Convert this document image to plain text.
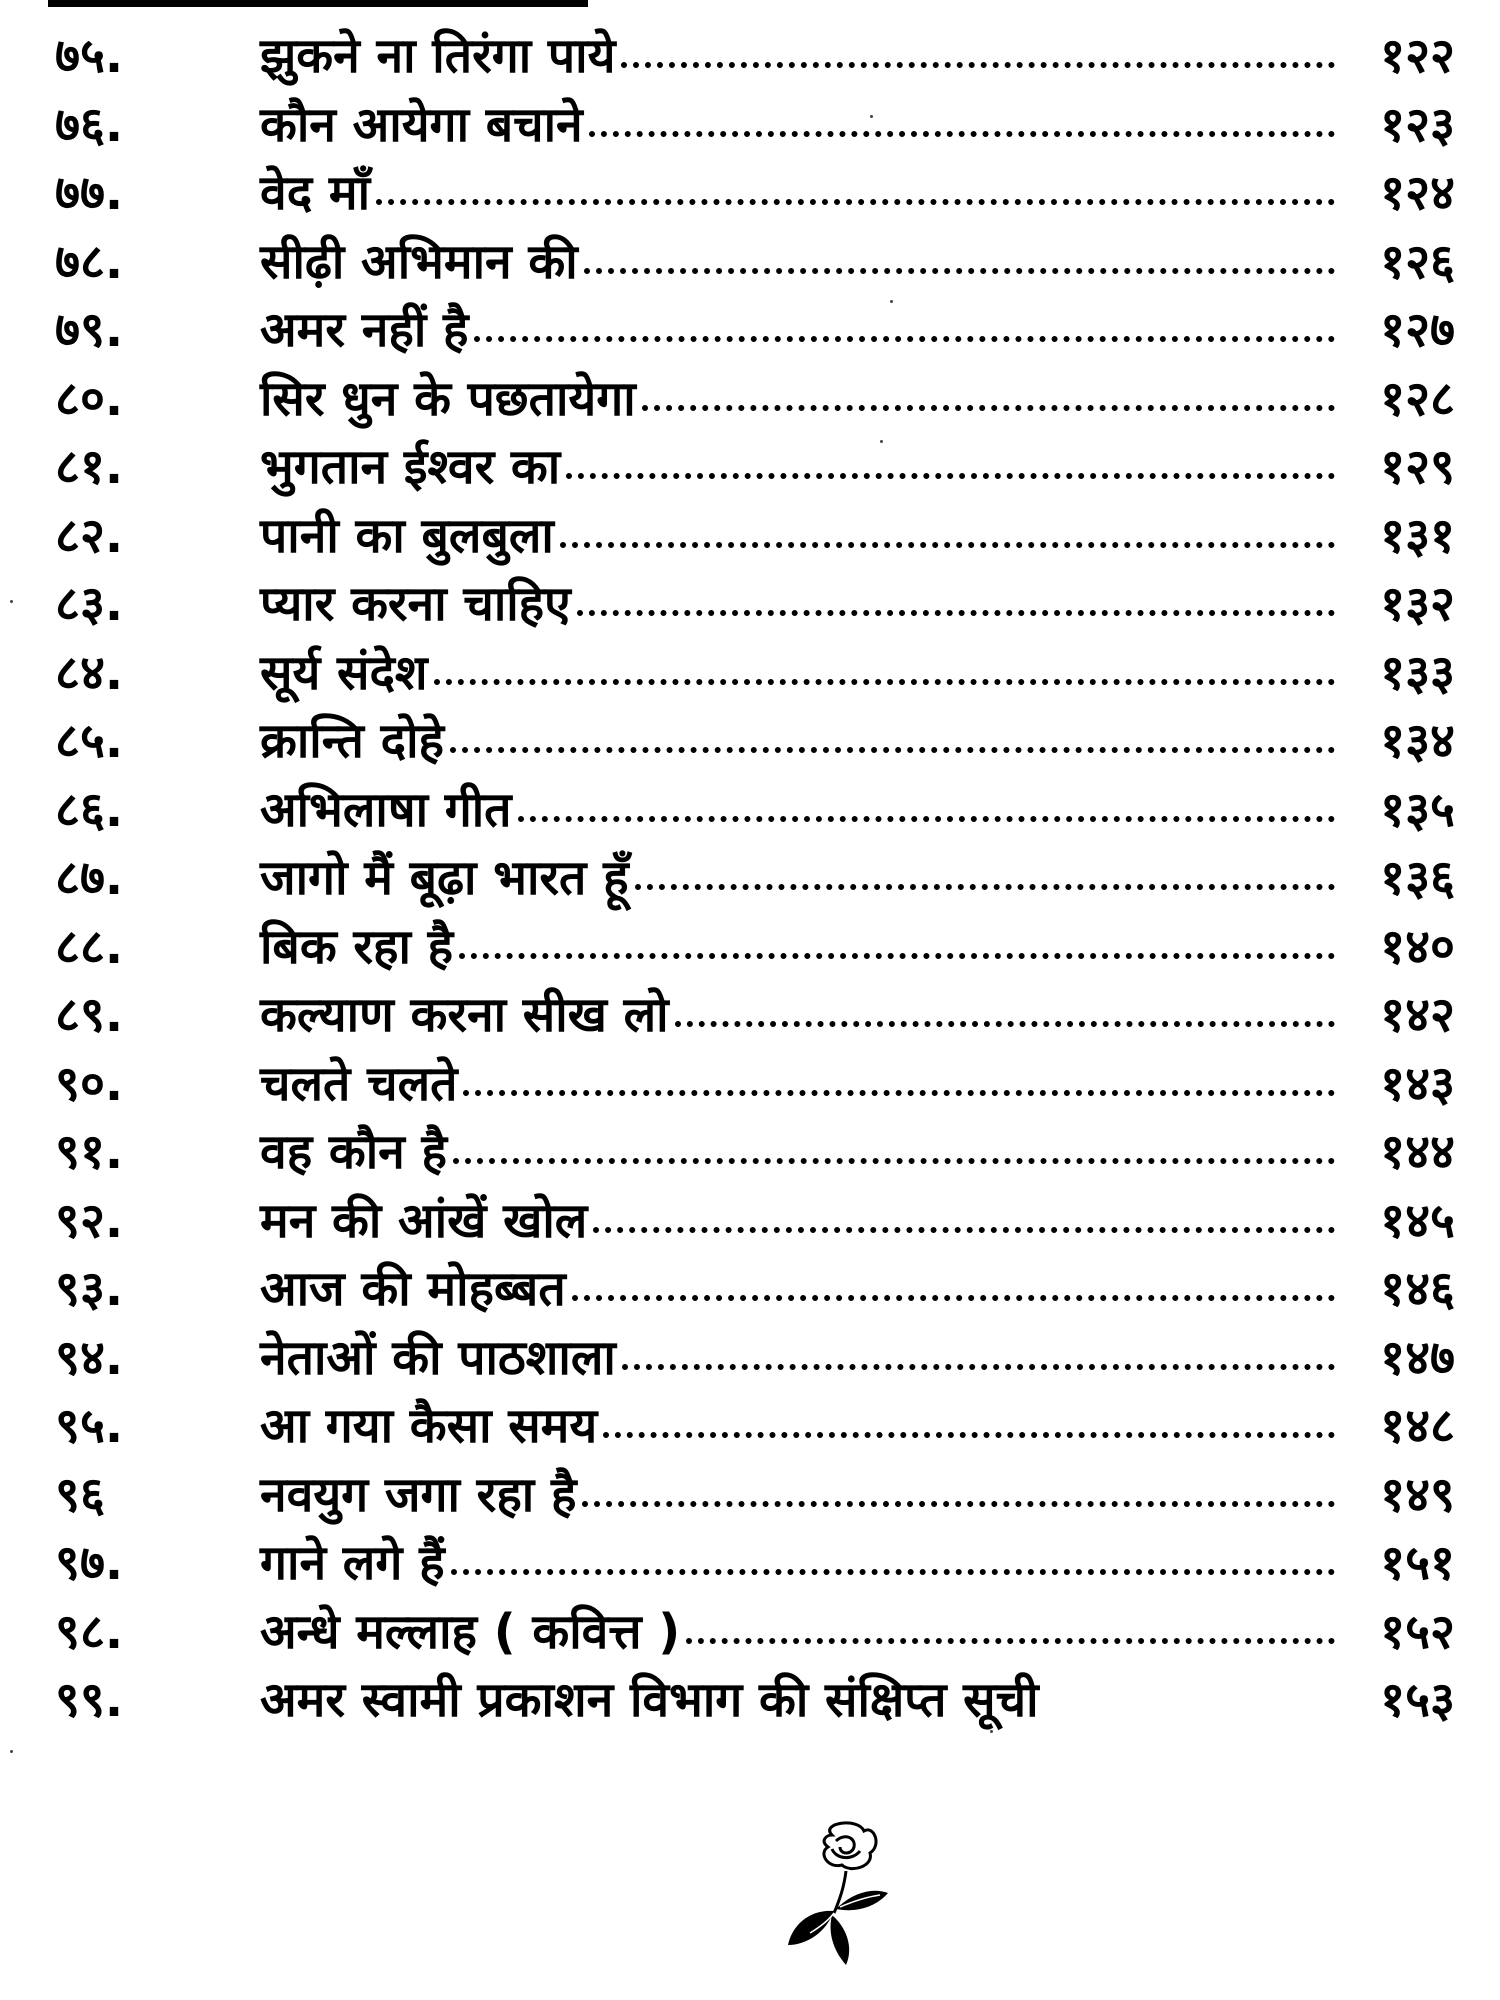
७५.	झुकने ना तिरंगा पाये	१२२
७६.	कौन आयेगा बचाने	१२३
७७.	वेद माँ	१२४
७८.	सीढ़ी अभिमान की	१२६
७९.	अमर नहीं है	१२७
८०.	सिर धुन के पछतायेगा	१२८
८१.	भुगतान ईश्वर का	१२९
८२.	पानी का बुलबुला	१३१
८३.	प्यार करना चाहिए	१३२
८४.	सूर्य संदेश	१३३
८५.	क्रान्ति दोहे	१३४
८६.	अभिलाषा गीत	१३५
८७.	जागो मैं बूढ़ा भारत हूँ	१३६
८८.	बिक रहा है	१४०
८९.	कल्याण करना सीख लो	१४२
९०.	चलते चलते	१४३
९१.	वह कौन है	१४४
९२.	मन की आंखें खोल	१४५
९३.	आज की मोहब्बत	१४६
९४.	नेताओं की पाठशाला	१४७
९५.	आ गया कैसा समय	१४८
९६	नवयुग जगा रहा है	१४९
९७.	गाने लगे हैं	१५१
९८.	अन्धे मल्लाह ( कवित्त )	१५२
९९.	अमर स्वामी प्रकाशन विभाग की संक्षिप्त सूची	१५३
